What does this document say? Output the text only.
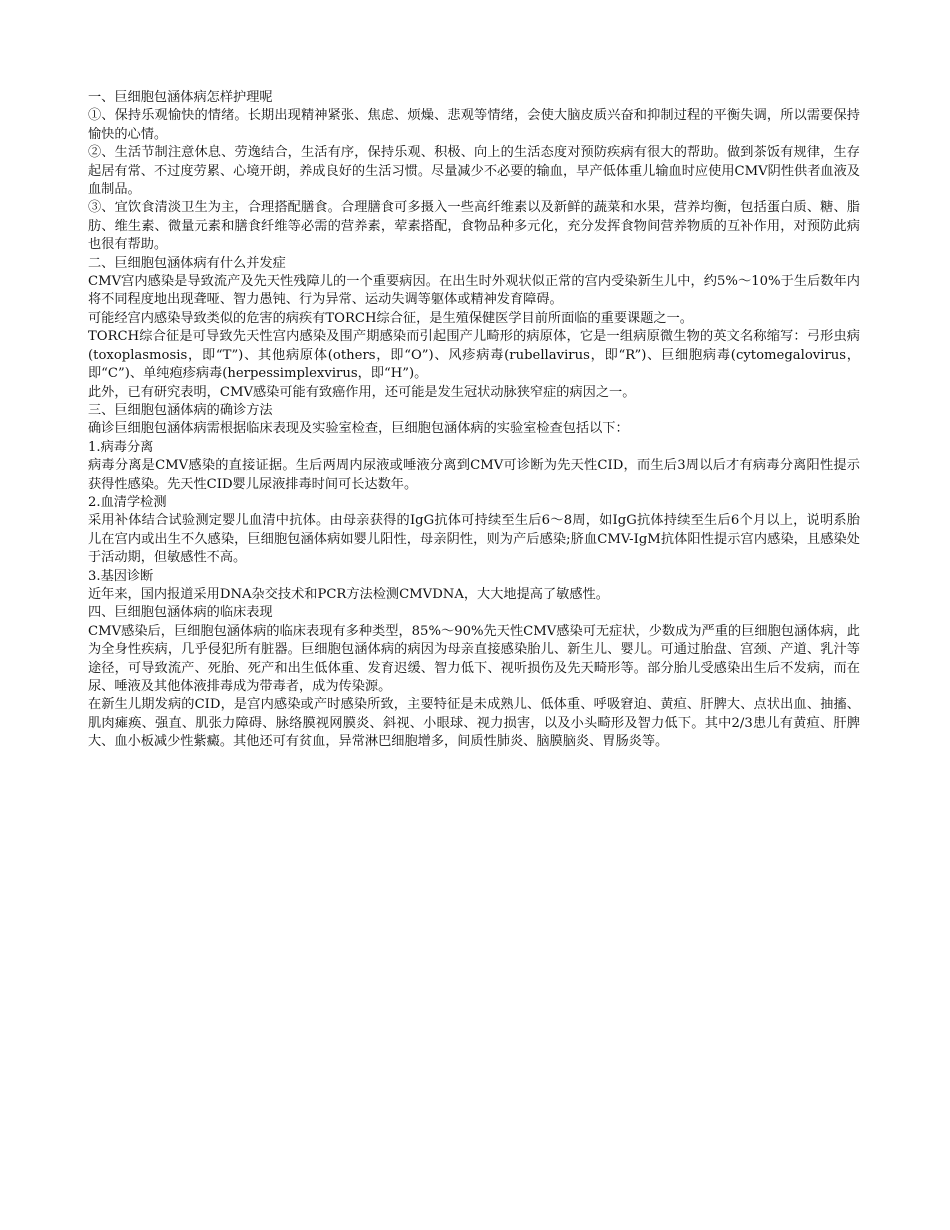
一、巨细胞包涵体病怎样护理呢

①、保持乐观愉快的情绪。长期出现精神紧张、焦虑、烦燥、悲观等情绪，会使大脑皮质兴奋和抑制过程的平衡失调，所以需要保持愉快的心情。

②、生活节制注意休息、劳逸结合，生活有序，保持乐观、积极、向上的生活态度对预防疾病有很大的帮助。做到茶饭有规律，生存起居有常、不过度劳累、心境开朗，养成良好的生活习惯。尽量减少不必要的输血，早产低体重儿输血时应使用CMV阴性供者血液及血制品。

③、宜饮食清淡卫生为主，合理搭配膳食。合理膳食可多摄入一些高纤维素以及新鲜的蔬菜和水果，营养均衡，包括蛋白质、糖、脂肪、维生素、微量元素和膳食纤维等必需的营养素，荤素搭配，食物品种多元化，充分发挥食物间营养物质的互补作用，对预防此病也很有帮助。

二、巨细胞包涵体病有什么并发症

CMV宫内感染是导致流产及先天性残障儿的一个重要病因。在出生时外观状似正常的宫内受染新生儿中，约5%～10%于生后数年内将不同程度地出现聋哑、智力愚钝、行为异常、运动失调等躯体或精神发育障碍。

可能经宫内感染导致类似的危害的病疾有TORCH综合征，是生殖保健医学目前所面临的重要课题之一。

TORCH综合征是可导致先天性宫内感染及围产期感染而引起围产儿畸形的病原体，它是一组病原微生物的英文名称缩写：弓形虫病(toxoplasmosis，即“T”)、其他病原体(others，即“O”)、风疹病毒(rubellavirus，即“R”)、巨细胞病毒(cytomegalovirus，即“C”)、单纯疱疹病毒(herpessimplexvirus，即“H”)。

此外，已有研究表明，CMV感染可能有致癌作用，还可能是发生冠状动脉狭窄症的病因之一。

三、巨细胞包涵体病的确诊方法

确诊巨细胞包涵体病需根据临床表现及实验室检查，巨细胞包涵体病的实验室检查包括以下：

1.病毒分离

病毒分离是CMV感染的直接证据。生后两周内尿液或唾液分离到CMV可诊断为先天性CID，而生后3周以后才有病毒分离阳性提示获得性感染。先天性CID婴儿尿液排毒时间可长达数年。

2.血清学检测

采用补体结合试验测定婴儿血清中抗体。由母亲获得的IgG抗体可持续至生后6～8周，如IgG抗体持续至生后6个月以上，说明系胎儿在宫内或出生不久感染，巨细胞包涵体病如婴儿阳性，母亲阴性，则为产后感染;脐血CMV-IgM抗体阳性提示宫内感染，且感染处于活动期，但敏感性不高。

3.基因诊断

近年来，国内报道采用DNA杂交技术和PCR方法检测CMVDNA，大大地提高了敏感性。

四、巨细胞包涵体病的临床表现

CMV感染后，巨细胞包涵体病的临床表现有多种类型，85%～90%先天性CMV感染可无症状，少数成为严重的巨细胞包涵体病，此为全身性疾病，几乎侵犯所有脏器。巨细胞包涵体病的病因为母亲直接感染胎儿、新生儿、婴儿。可通过胎盘、宫颈、产道、乳汁等途径，可导致流产、死胎、死产和出生低体重、发育迟缓、智力低下、视听损伤及先天畸形等。部分胎儿受感染出生后不发病，而在尿、唾液及其他体液排毒成为带毒者，成为传染源。

在新生儿期发病的CID，是宫内感染或产时感染所致，主要特征是未成熟儿、低体重、呼吸窘迫、黄疸、肝脾大、点状出血、抽搐、肌肉瘫痪、强直、肌张力障碍、脉络膜视网膜炎、斜视、小眼球、视力损害，以及小头畸形及智力低下。其中2/3患儿有黄疸、肝脾大、血小板减少性紫癜。其他还可有贫血，异常淋巴细胞增多，间质性肺炎、脑膜脑炎、胃肠炎等。
